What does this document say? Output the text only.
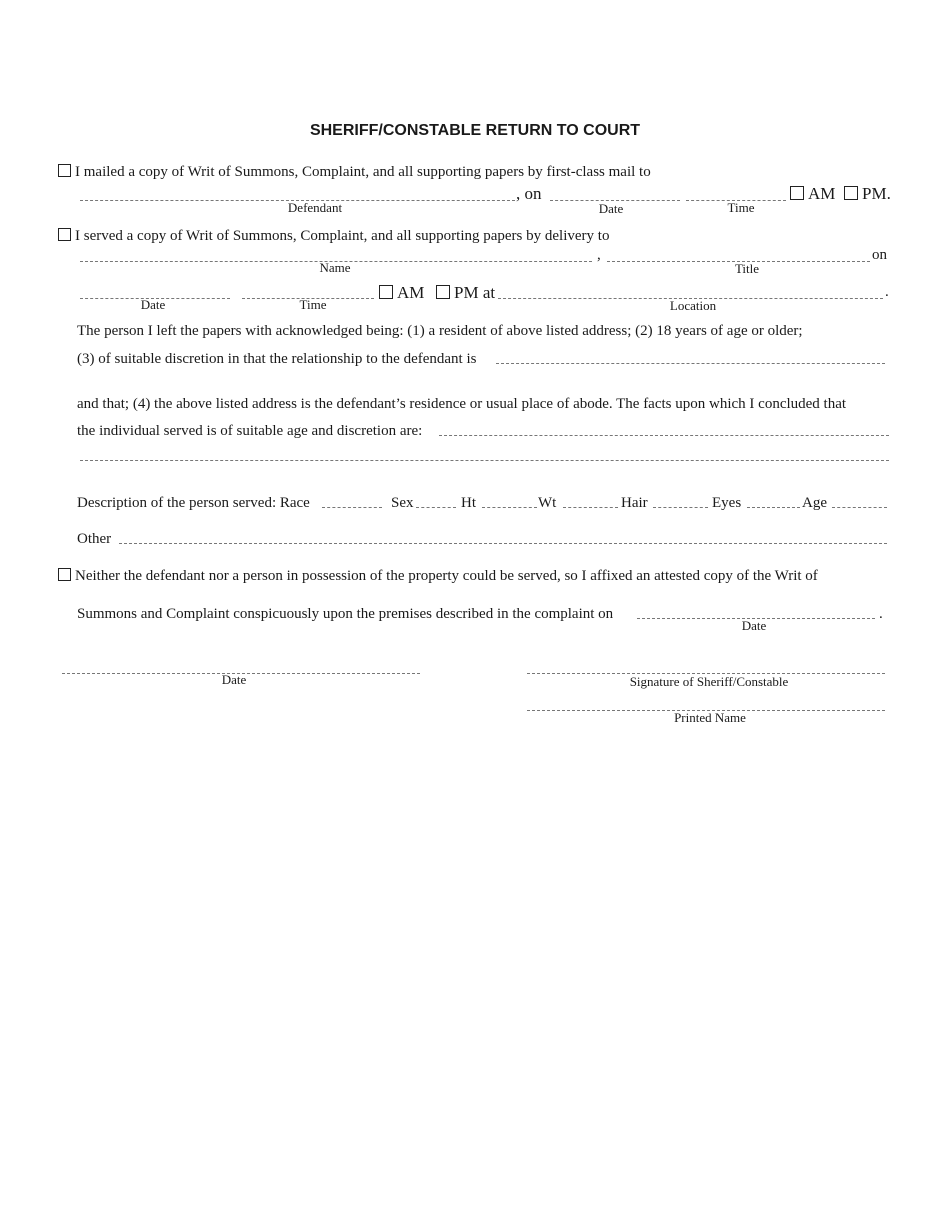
SHERIFF/CONSTABLE RETURN TO COURT
I mailed a copy of Writ of Summons, Complaint, and all supporting papers by first-class mail to
, on	AM	PM.
Defendant	Date	Time
I served a copy of Writ of Summons, Complaint, and all supporting papers by delivery to
,	on
Name	Title
AM	PM at	.
Date	Time	Location
The person I left the papers with acknowledged being: (1) a resident of above listed address; (2) 18 years of age or older;
(3) of suitable discretion in that the relationship to the defendant is
and that; (4) the above listed address is the defendant’s residence or usual place of abode. The facts upon which I concluded that
the individual served is of suitable age and discretion are:
Description of the person served: Race	Sex	Ht	Wt	Hair	Eyes	Age
Other
Neither the defendant nor a person in possession of the property could be served, so I affixed an attested copy of the Writ of
Summons and Complaint conspicuously upon the premises described in the complaint on	.
Date
Date	Signature of Sheriff/Constable
Printed Name
